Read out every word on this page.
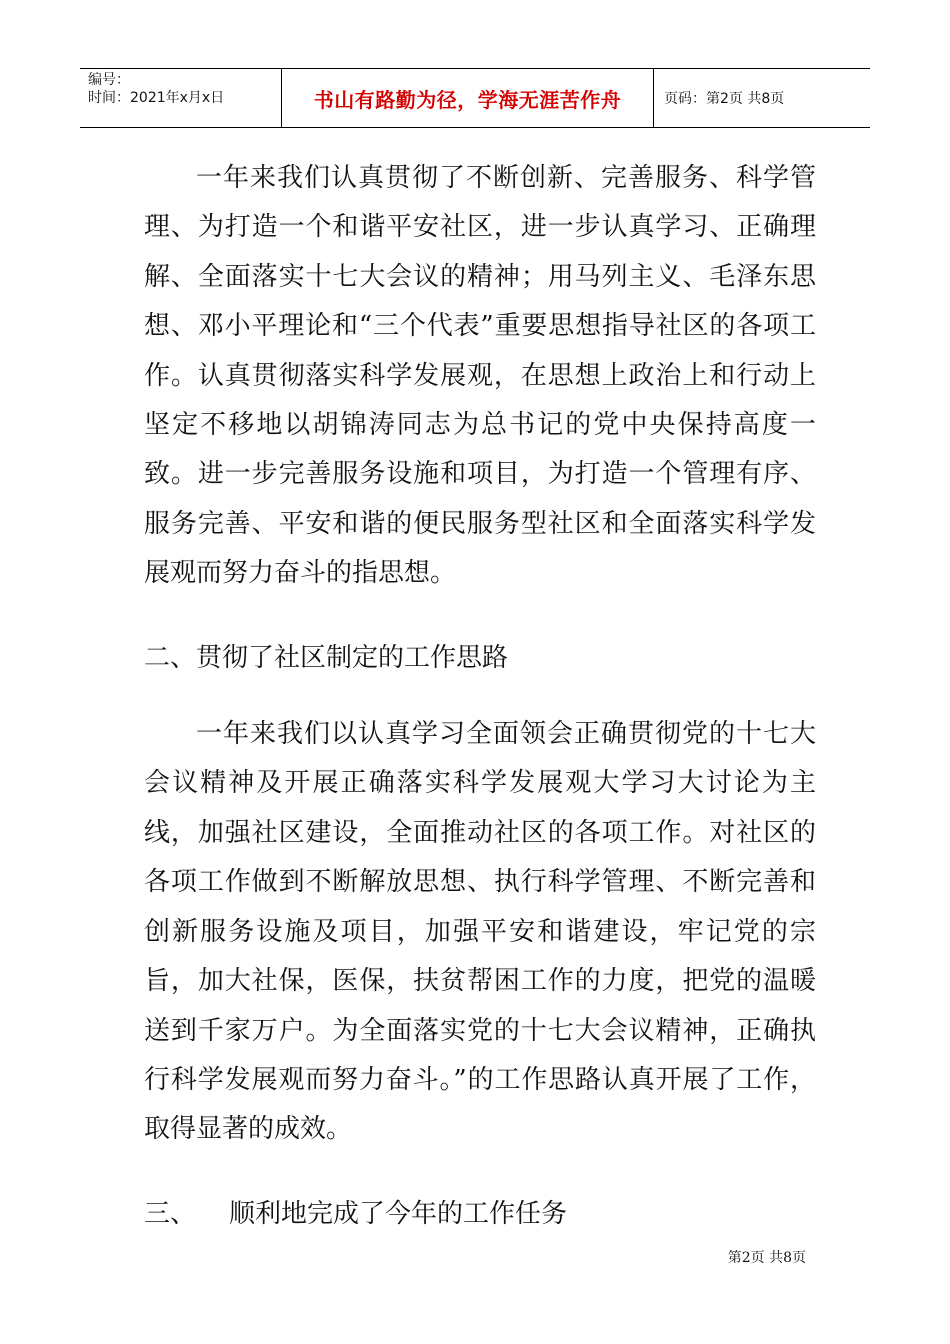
编号：
时间：2021年x月x日	书山有路勤为径，学海无涯苦作舟	页码：第2页 共8页

一年来我们认真贯彻了不断创新、完善服务、科学管理、为打造一个和谐平安社区，进一步认真学习、正确理解、全面落实十七大会议的精神；用马列主义、毛泽东思想、邓小平理论和“三个代表”重要思想指导社区的各项工作。认真贯彻落实科学发展观，在思想上政治上和行动上坚定不移地以胡锦涛同志为总书记的党中央保持高度一致。进一步完善服务设施和项目，为打造一个管理有序、服务完善、平安和谐的便民服务型社区和全面落实科学发展观而努力奋斗的指思想。

二、贯彻了社区制定的工作思路

一年来我们以认真学习全面领会正确贯彻党的十七大会议精神及开展正确落实科学发展观大学习大讨论为主线，加强社区建设，全面推动社区的各项工作。对社区的各项工作做到不断解放思想、执行科学管理、不断完善和创新服务设施及项目，加强平安和谐建设，牢记党的宗旨，加大社保，医保，扶贫帮困工作的力度，把党的温暖送到千家万户。为全面落实党的十七大会议精神，正确执行科学发展观而努力奋斗。”的工作思路认真开展了工作，取得显著的成效。

三、    顺利地完成了今年的工作任务

第2页 共8页
